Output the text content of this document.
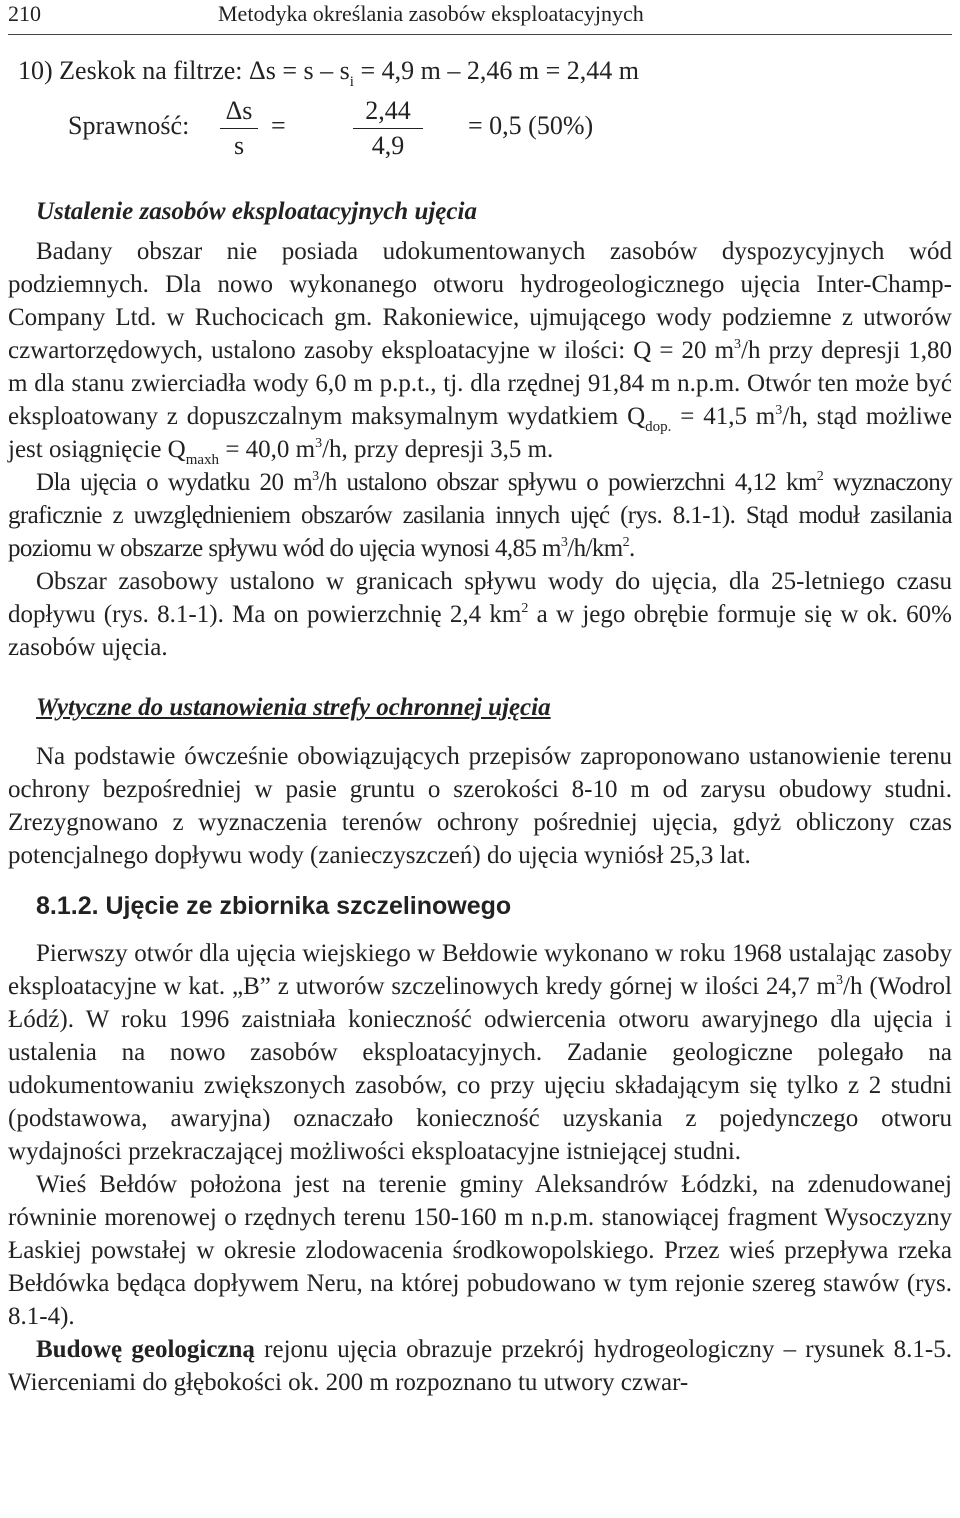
210	Metodyka określania zasobów eksploatacyjnych
10) Zeskok na filtrze: $\Delta s = s - s_i = 4,9$ m – 2,46 m = 2,44 m
Sprawność:
Δs
s
=
2,44
4,9
= 0,5 (50%)

Ustalenie zasobów eksploatacyjnych ujęcia

Badany obszar nie posiada udokumentowanych zasobów dyspozycyjnych wód podziemnych. Dla nowo wykonanego otworu hydrogeologicznego ujęcia Inter-Champ-Company Ltd. w Ruchocicach gm. Rakoniewice, ujmującego wody podziemne z utworów czwartorzędowych, ustalono zasoby eksploatacyjne w ilości: Q = 20 $m^3/h$ przy depresji 1,80 m dla stanu zwierciadła wody 6,0 m p.p.t., tj. dla rzędnej 91,84 m n.p.m. Otwór ten może być eksploatowany z dopuszczalnym maksymalnym wydatkiem $Q_{dop.} = 41,5$ $m^3/h$, stąd możliwe jest osiągnięcie $Q_{maxh} = 40,0$ $m^3/h$, przy depresji 3,5 m.

Dla ujęcia o wydatku 20 $m^3/h$ ustalono obszar spływu o powierzchni 4,12 $km^2$ wyznaczony graficznie z uwzględnieniem obszarów zasilania innych ujęć (rys. 8.1-1). Stąd moduł zasilania poziomu w obszarze spływu wód do ujęcia wynosi 4,85 $m^3/h/km^2$.

Obszar zasobowy ustalono w granicach spływu wody do ujęcia, dla 25-letniego czasu dopływu (rys. 8.1-1). Ma on powierzchnię 2,4 $km^2$ a w jego obrębie formuje się w ok. 60% zasobów ujęcia.

Wytyczne do ustanowienia strefy ochronnej ujęcia

Na podstawie ówcześnie obowiązujących przepisów zaproponowano ustanowienie terenu ochrony bezpośredniej w pasie gruntu o szerokości 8-10 m od zarysu obudowy studni. Zrezygnowano z wyznaczenia terenów ochrony pośredniej ujęcia, gdyż obliczony czas potencjalnego dopływu wody (zanieczyszczeń) do ujęcia wyniósł 25,3 lat.

8.1.2. Ujęcie ze zbiornika szczelinowego

Pierwszy otwór dla ujęcia wiejskiego w Bełdowie wykonano w roku 1968 ustalając zasoby eksploatacyjne w kat. „B” z utworów szczelinowych kredy górnej w ilości 24,7 $m^3/h$ (Wodrol Łódź). W roku 1996 zaistniała konieczność odwiercenia otworu awaryjnego dla ujęcia i ustalenia na nowo zasobów eksploatacyjnych. Zadanie geologiczne polegało na udokumentowaniu zwiększonych zasobów, co przy ujęciu składającym się tylko z 2 studni (podstawowa, awaryjna) oznaczało konieczność uzyskania z pojedynczego otworu wydajności przekraczającej możliwości eksploatacyjne istniejącej studni.

Wieś Bełdów położona jest na terenie gminy Aleksandrów Łódzki, na zdenudowanej równinie morenowej o rzędnych terenu 150-160 m n.p.m. stanowiącej fragment Wysoczyzny Łaskiej powstałej w okresie zlodowacenia środkowopolskiego. Przez wieś przepływa rzeka Bełdówka będąca dopływem Neru, na której pobudowano w tym rejonie szereg stawów (rys. 8.1-4).

Budowę geologiczną rejonu ujęcia obrazuje przekrój hydrogeologiczny – rysunek 8.1-5. Wierceniami do głębokości ok. 200 m rozpoznano tu utwory czwar-
